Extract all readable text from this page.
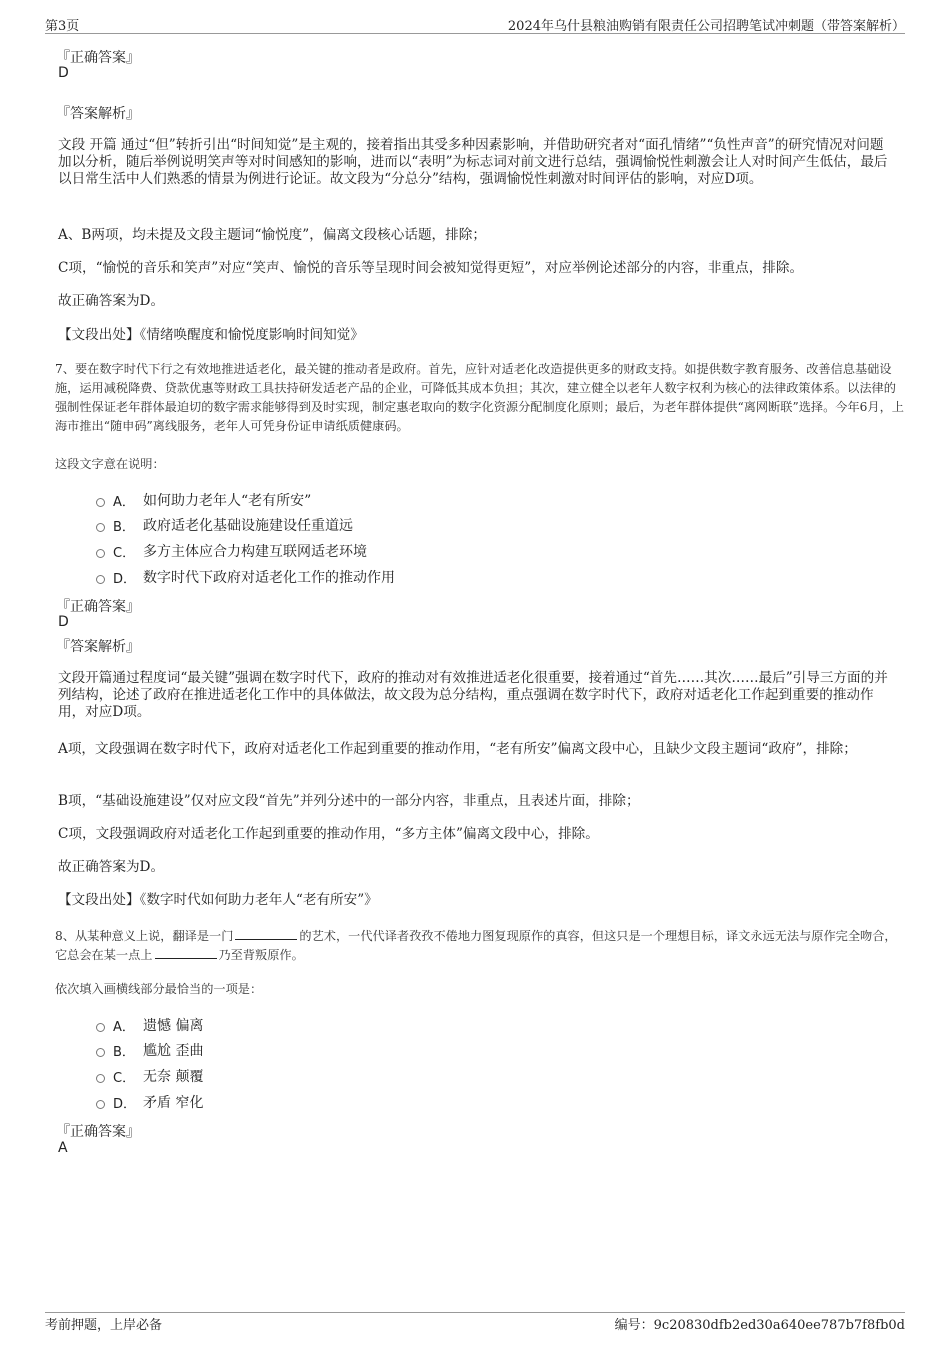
第3页	2024年乌什县粮油购销有限责任公司招聘笔试冲刺题（带答案解析）
『正确答案』
D
『答案解析』
文段 开篇 通过“但”转折引出“时间知觉”是主观的，接着指出其受多种因素影响，并借助研究者对“面孔情绪”“负性声音”的研究情况对问题加以分析，随后举例说明笑声等对时间感知的影响，进而以“表明”为标志词对前文进行总结，强调愉悦性刺激会让人对时间产生低估，最后以日常生活中人们熟悉的情景为例进行论证。故文段为“分总分”结构，强调愉悦性刺激对时间评估的影响，对应D项。
A、B两项，均未提及文段主题词“愉悦度”，偏离文段核心话题，排除；
C项，“愉悦的音乐和笑声”对应“笑声、愉悦的音乐等呈现时间会被知觉得更短”，对应举例论述部分的内容，非重点，排除。
故正确答案为D。
【文段出处】《情绪唤醒度和愉悦度影响时间知觉》
7、要在数字时代下行之有效地推进适老化，最关键的推动者是政府。首先，应针对适老化改造提供更多的财政支持。如提供数字教育服务、改善信息基础设施，运用减税降费、贷款优惠等财政工具扶持研发适老产品的企业，可降低其成本负担；其次，建立健全以老年人数字权利为核心的法律政策体系。以法律的强制性保证老年群体最迫切的数字需求能够得到及时实现，制定惠老取向的数字化资源分配制度化原则；最后，为老年群体提供“离网断联”选择。今年6月，上海市推出“随申码”离线服务，老年人可凭身份证申请纸质健康码。
这段文字意在说明：
A． 如何助力老年人“老有所安”
B． 政府适老化基础设施建设任重道远
C． 多方主体应合力构建互联网适老环境
D． 数字时代下政府对适老化工作的推动作用
『正确答案』
D
『答案解析』
文段开篇通过程度词“最关键”强调在数字时代下，政府的推动对有效推进适老化很重要，接着通过“首先……其次……最后”引导三方面的并列结构，论述了政府在推进适老化工作中的具体做法，故文段为总分结构，重点强调在数字时代下，政府对适老化工作起到重要的推动作用，对应D项。
A项，文段强调在数字时代下，政府对适老化工作起到重要的推动作用，“老有所安”偏离文段中心，且缺少文段主题词“政府”，排除；
B项，“基础设施建设”仅对应文段“首先”并列分述中的一部分内容，非重点，且表述片面，排除；
C项，文段强调政府对适老化工作起到重要的推动作用，“多方主体”偏离文段中心，排除。
故正确答案为D。
【文段出处】《数字时代如何助力老年人“老有所安”》
8、从某种意义上说，翻译是一门	的艺术，一代代译者孜孜不倦地力图复现原作的真容，但这只是一个理想目标，译文永远无法与原作完全吻合，它总会在某一点上	乃至背叛原作。
依次填入画横线部分最恰当的一项是：
A． 遗憾 偏离
B． 尴尬 歪曲
C． 无奈 颠覆
D． 矛盾 窄化
『正确答案』
A
考前押题，上岸必备	编号：9c20830dfb2ed30a640ee787b7f8fb0d
